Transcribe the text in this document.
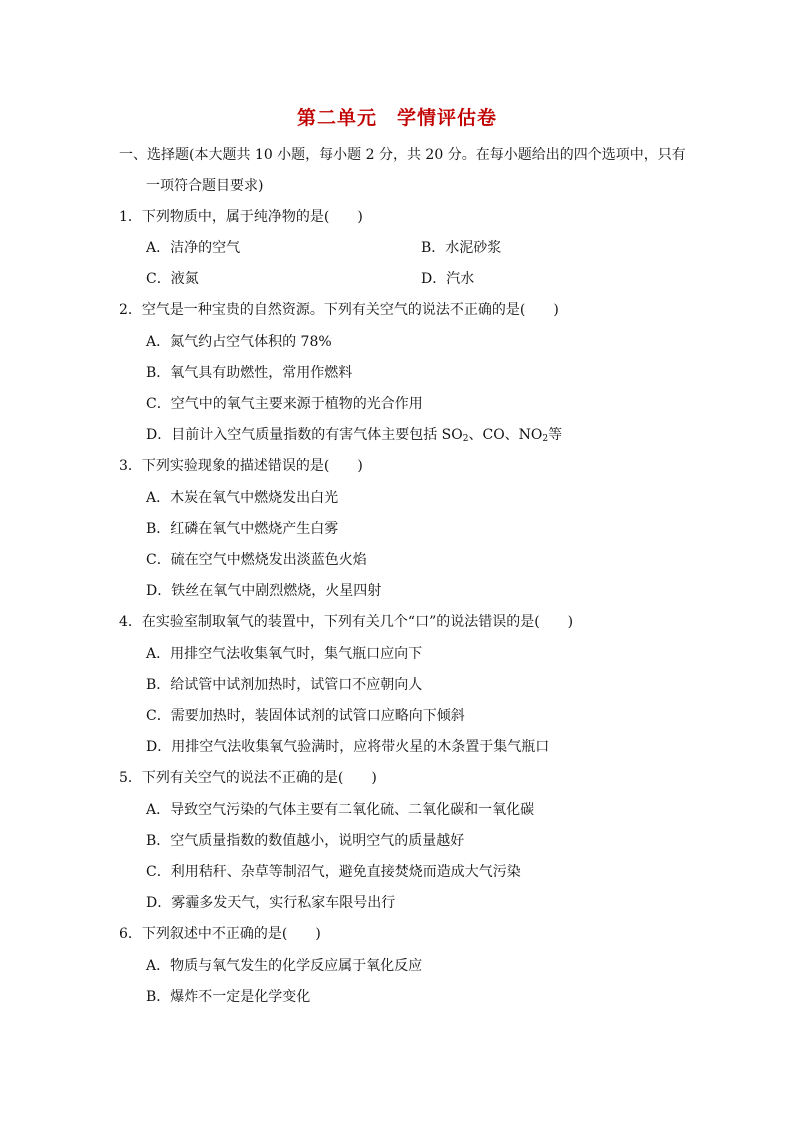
第二单元　学情评估卷
一、选择题(本大题共 10 小题，每小题 2 分，共 20 分。在每小题给出的四个选项中，只有
一项符合题目要求)
1．下列物质中，属于纯净物的是(　　)
A．洁净的空气	B．水泥砂浆
C．液氮	D．汽水
2．空气是一种宝贵的自然资源。下列有关空气的说法不正确的是(　　)
A．氮气约占空气体积的 78%
B．氧气具有助燃性，常用作燃料
C．空气中的氧气主要来源于植物的光合作用
D．目前计入空气质量指数的有害气体主要包括 $SO_2$、CO、$NO_2$等
3．下列实验现象的描述错误的是(　　)
A．木炭在氧气中燃烧发出白光
B．红磷在氧气中燃烧产生白雾
C．硫在空气中燃烧发出淡蓝色火焰
D．铁丝在氧气中剧烈燃烧，火星四射
4．在实验室制取氧气的装置中，下列有关几个“口”的说法错误的是(　　)
A．用排空气法收集氧气时，集气瓶口应向下
B．给试管中试剂加热时，试管口不应朝向人
C．需要加热时，装固体试剂的试管口应略向下倾斜
D．用排空气法收集氧气验满时，应将带火星的木条置于集气瓶口
5．下列有关空气的说法不正确的是(　　)
A．导致空气污染的气体主要有二氧化硫、二氧化碳和一氧化碳
B．空气质量指数的数值越小，说明空气的质量越好
C．利用秸秆、杂草等制沼气，避免直接焚烧而造成大气污染
D．雾霾多发天气，实行私家车限号出行
6．下列叙述中不正确的是(　　)
A．物质与氧气发生的化学反应属于氧化反应
B．爆炸不一定是化学变化
